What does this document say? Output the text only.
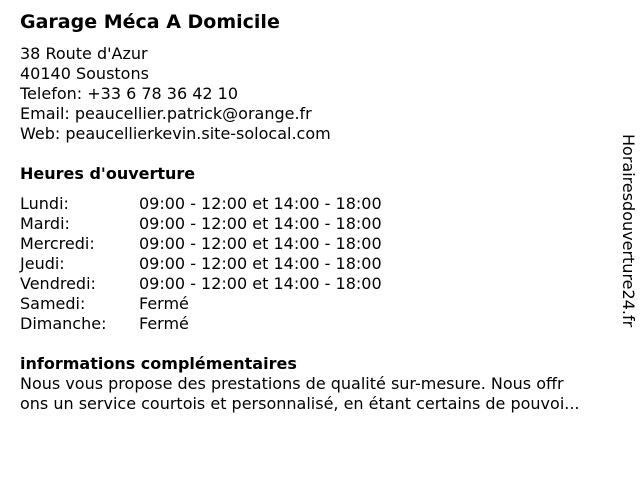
Garage Méca A Domicile
38 Route d'Azur
40140 Soustons
Telefon: +33 6 78 36 42 10
Email: peaucellier.patrick@orange.fr
Web: peaucellierkevin.site-solocal.com
Heures d'ouverture
Lundi:	09:00 - 12:00 et 14:00 - 18:00
Mardi:	09:00 - 12:00 et 14:00 - 18:00
Mercredi:	09:00 - 12:00 et 14:00 - 18:00
Jeudi:	09:00 - 12:00 et 14:00 - 18:00
Vendredi:	09:00 - 12:00 et 14:00 - 18:00
Samedi:	Fermé
Dimanche:	Fermé
informations complémentaires
Nous vous propose des prestations de qualité sur-mesure. Nous offr
ons un service courtois et personnalisé, en étant certains de pouvoi...
Horairesdouverture24.fr
